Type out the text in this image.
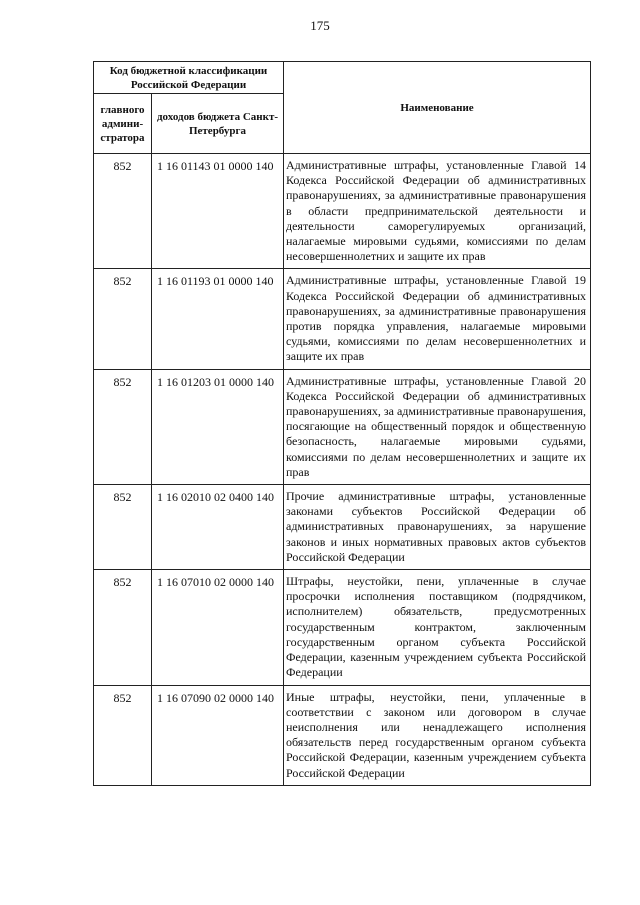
175
Код бюджетной классификации Российской Федерации		Наименование
главного админи-стратора	доходов бюджета Санкт-Петербурга	
852	1 16 01143 01 0000 140	Административные штрафы, установленные Главой 14 Кодекса Российской Федерации об административных правонарушениях, за административные правонарушения в области предпринимательской деятельности и деятельности саморегулируемых организаций, налагаемые мировыми судьями, комиссиями по делам несовершеннолетних и защите их прав
852	1 16 01193 01 0000 140	Административные штрафы, установленные Главой 19 Кодекса Российской Федерации об административных правонарушениях, за административные правонарушения против порядка управления, налагаемые мировыми судьями, комиссиями по делам несовершеннолетних и защите их прав
852	1 16 01203 01 0000 140	Административные штрафы, установленные Главой 20 Кодекса Российской Федерации об административных правонарушениях, за административные правонарушения, посягающие на общественный порядок и общественную безопасность, налагаемые мировыми судьями, комиссиями по делам несовершеннолетних и защите их прав
852	1 16 02010 02 0400 140	Прочие административные штрафы, установленные законами субъектов Российской Федерации об административных правонарушениях, за нарушение законов и иных нормативных правовых актов субъектов Российской Федерации
852	1 16 07010 02 0000 140	Штрафы, неустойки, пени, уплаченные в случае просрочки исполнения поставщиком (подрядчиком, исполнителем) обязательств, предусмотренных государственным контрактом, заключенным государственным органом субъекта Российской Федерации, казенным учреждением субъекта Российской Федерации
852	1 16 07090 02 0000 140	Иные штрафы, неустойки, пени, уплаченные в соответствии с законом или договором в случае неисполнения или ненадлежащего исполнения обязательств перед государственным органом субъекта Российской Федерации, казенным учреждением субъекта Российской Федерации
